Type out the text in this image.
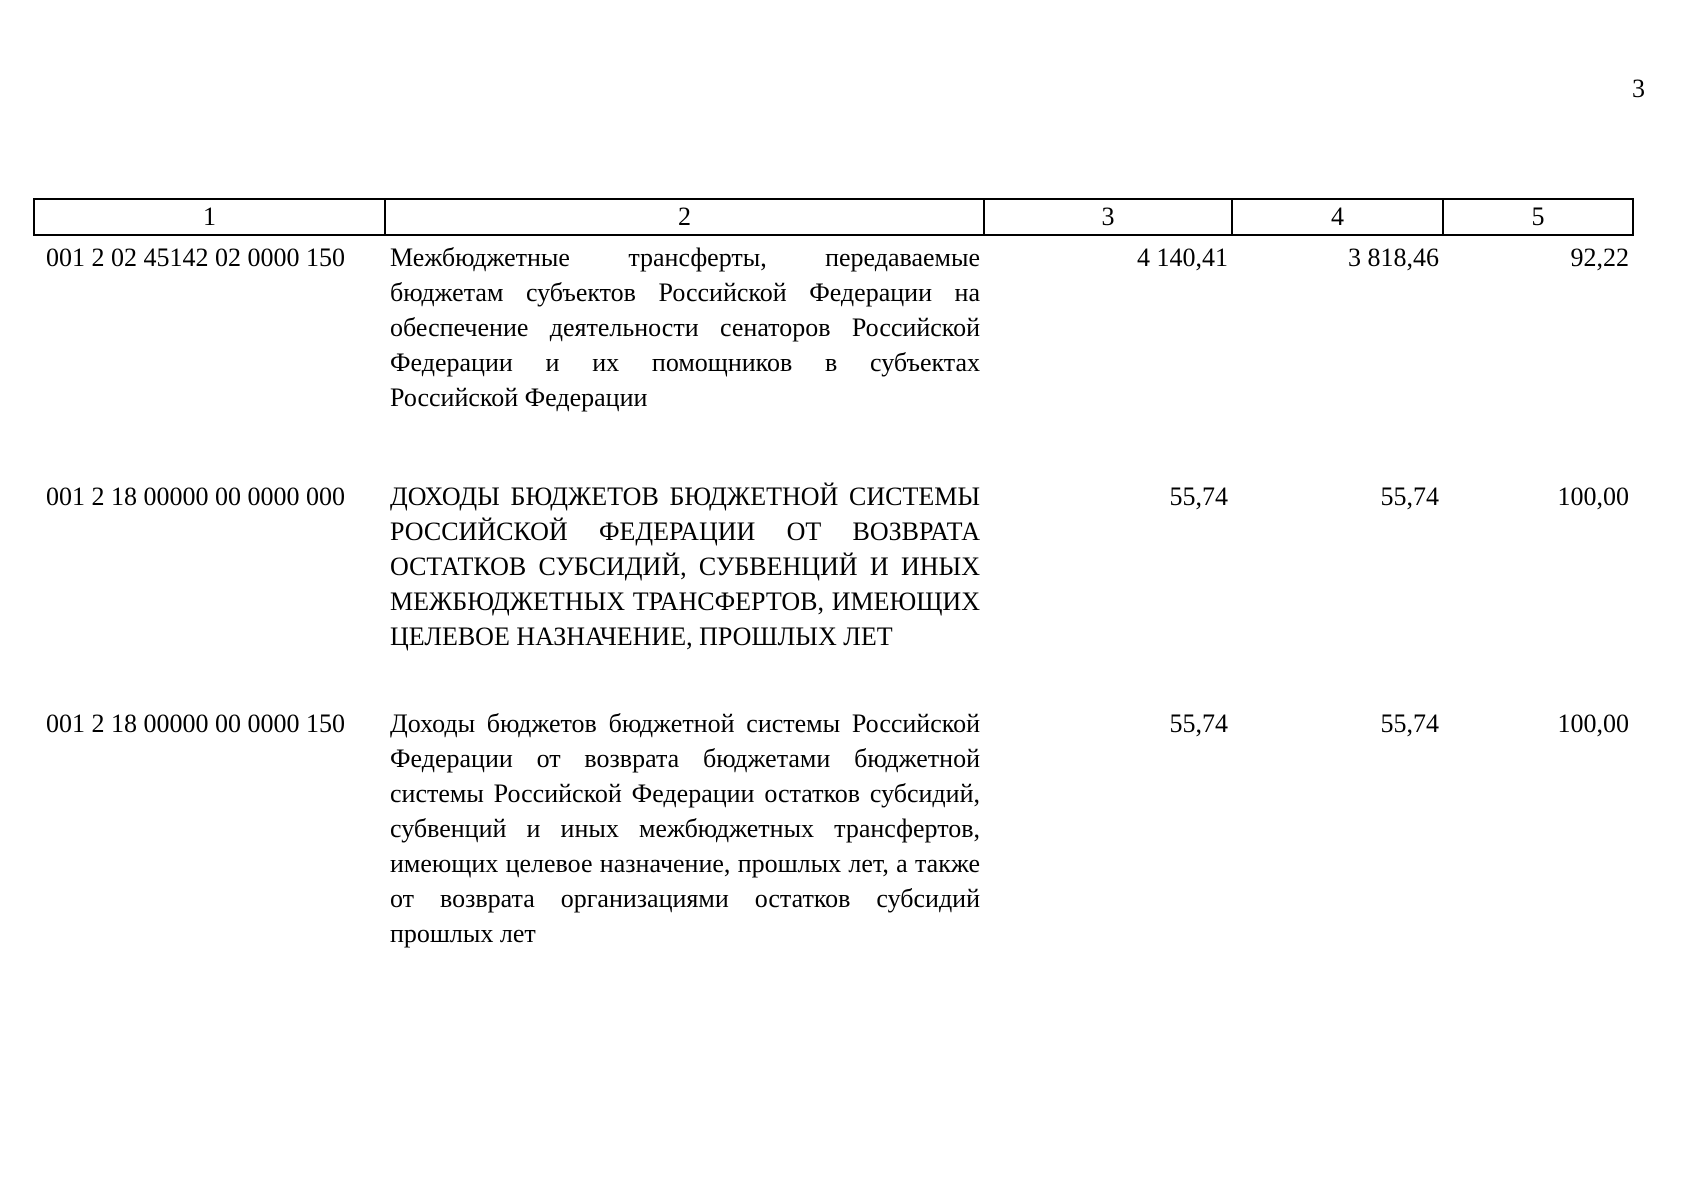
3
1	2	3	4	5
001 2 02 45142 02 0000 150	Межбюджетные трансферты, передаваемые бюджетам субъектов Российской Федерации на обеспечение деятельности сенаторов Российской Федерации и их помощников в субъектах Российской Федерации	4 140,41	3 818,46	92,22
001 2 18 00000 00 0000 000	ДОХОДЫ БЮДЖЕТОВ БЮДЖЕТНОЙ СИСТЕМЫ РОССИЙСКОЙ ФЕДЕРАЦИИ ОТ ВОЗВРАТА ОСТАТКОВ СУБСИДИЙ, СУБВЕНЦИЙ И ИНЫХ МЕЖБЮДЖЕТНЫХ ТРАНСФЕРТОВ, ИМЕЮЩИХ ЦЕЛЕВОЕ НАЗНАЧЕНИЕ, ПРОШЛЫХ ЛЕТ	55,74	55,74	100,00
001 2 18 00000 00 0000 150	Доходы бюджетов бюджетной системы Российской Федерации от возврата бюджетами бюджетной системы Российской Федерации остатков субсидий, субвенций и иных межбюджетных трансфертов, имеющих целевое назначение, прошлых лет, а также от возврата организациями остатков субсидий прошлых лет	55,74	55,74	100,00
